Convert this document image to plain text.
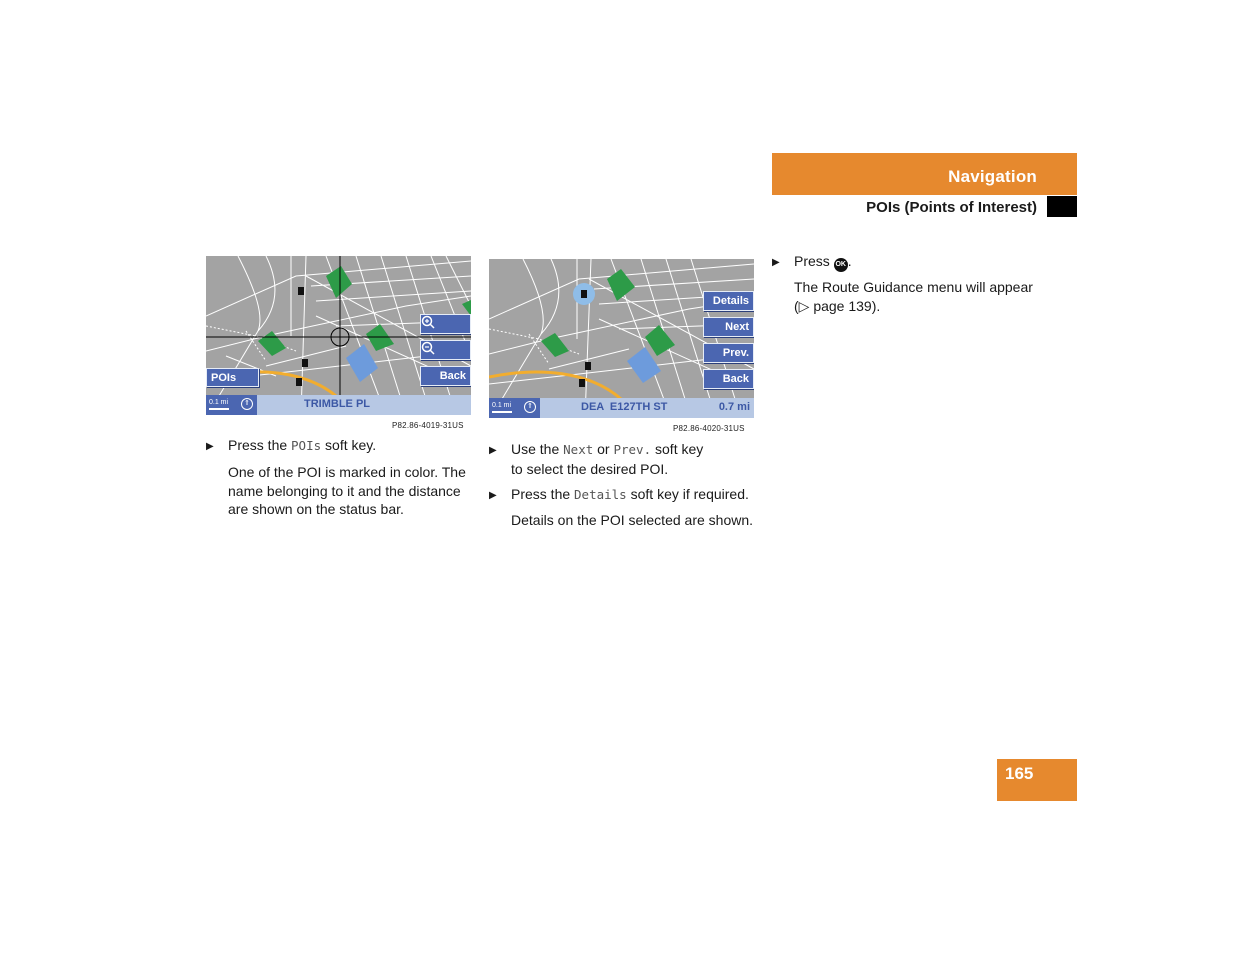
Navigation
POIs (Points of Interest)
Back
POIs
0.1 mi	⇑	TRIMBLE PL
P82.86-4019-31US
Details
Next
Prev.
Back
0.1 mi	⇑	DEA  E127TH ST	0.7 mi
P82.86-4020-31US
▶ Press the POIs soft key.
One of the POI is marked in color. The
name belonging to it and the distance
are shown on the status bar.
▶ Use the Next or Prev. soft key
to select the desired POI.
▶ Press the Details soft key if required.
Details on the POI selected are shown.
▶ Press OK .
The Route Guidance menu will appear
(▷ page 139).
165
